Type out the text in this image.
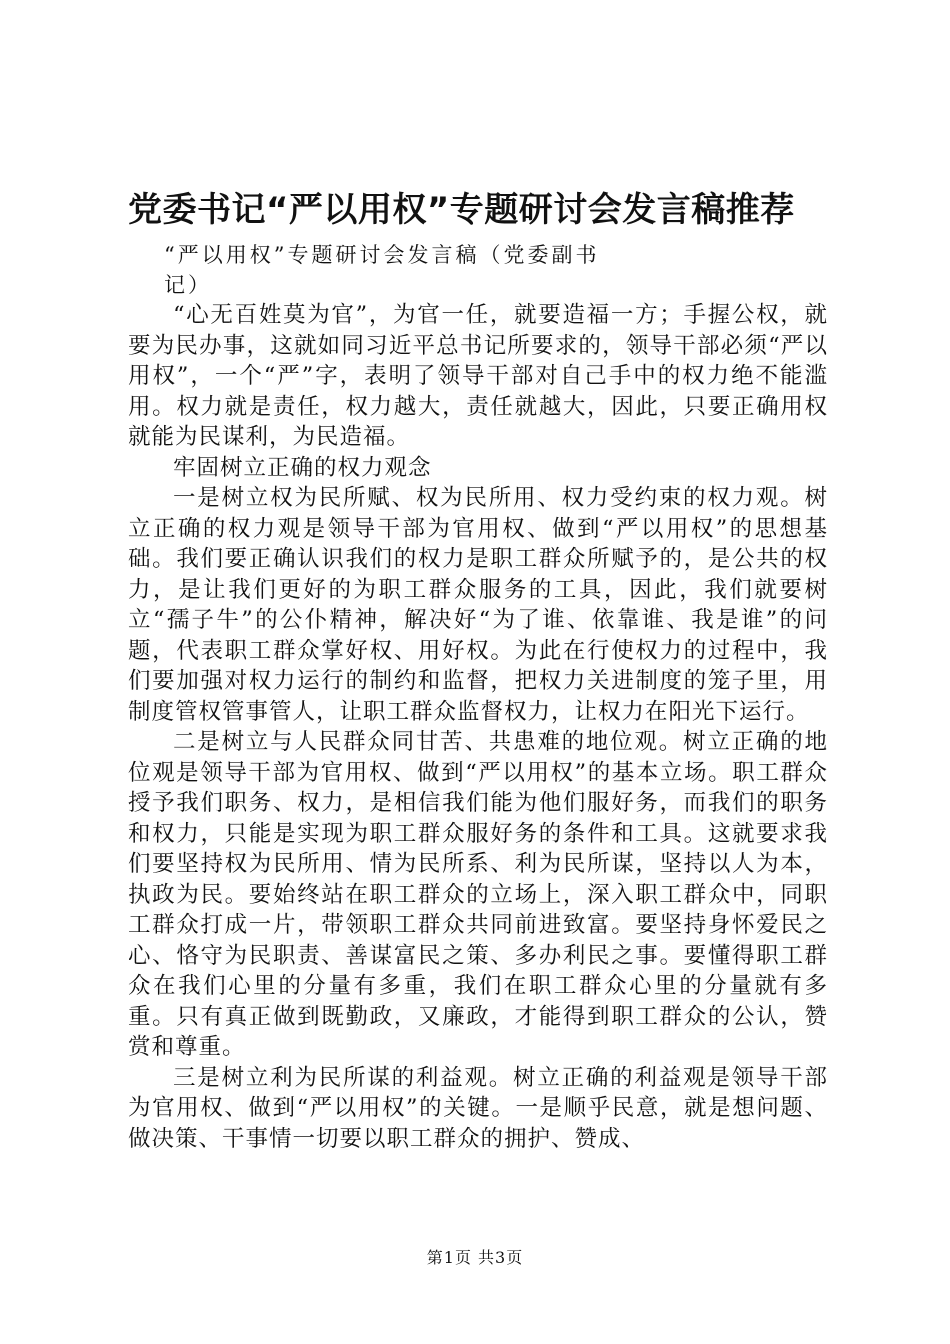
党委书记“严以用权”专题研讨会发言稿推荐

“严以用权”专题研讨会发言稿（党委副书记）

“心无百姓莫为官”，为官一任，就要造福一方；手握公权，就要为民办事，这就如同习近平总书记所要求的，领导干部必须“严以用权”，一个“严”字，表明了领导干部对自己手中的权力绝不能滥用。权力就是责任，权力越大，责任就越大，因此，只要正确用权就能为民谋利，为民造福。

牢固树立正确的权力观念

一是树立权为民所赋、权为民所用、权力受约束的权力观。树立正确的权力观是领导干部为官用权、做到“严以用权”的思想基础。我们要正确认识我们的权力是职工群众所赋予的，是公共的权力，是让我们更好的为职工群众服务的工具，因此，我们就要树立“孺子牛”的公仆精神，解决好“为了谁、依靠谁、我是谁”的问题，代表职工群众掌好权、用好权。为此在行使权力的过程中，我们要加强对权力运行的制约和监督，把权力关进制度的笼子里，用制度管权管事管人，让职工群众监督权力，让权力在阳光下运行。

二是树立与人民群众同甘苦、共患难的地位观。树立正确的地位观是领导干部为官用权、做到“严以用权”的基本立场。职工群众授予我们职务、权力，是相信我们能为他们服好务，而我们的职务和权力，只能是实现为职工群众服好务的条件和工具。这就要求我们要坚持权为民所用、情为民所系、利为民所谋，坚持以人为本，执政为民。要始终站在职工群众的立场上，深入职工群众中，同职工群众打成一片，带领职工群众共同前进致富。要坚持身怀爱民之心、恪守为民职责、善谋富民之策、多办利民之事。要懂得职工群众在我们心里的分量有多重，我们在职工群众心里的分量就有多重。只有真正做到既勤政，又廉政，才能得到职工群众的公认，赞赏和尊重。

三是树立利为民所谋的利益观。树立正确的利益观是领导干部为官用权、做到“严以用权”的关键。一是顺乎民意，就是想问题、做决策、干事情一切要以职工群众的拥护、赞成、

第1页 共3页
